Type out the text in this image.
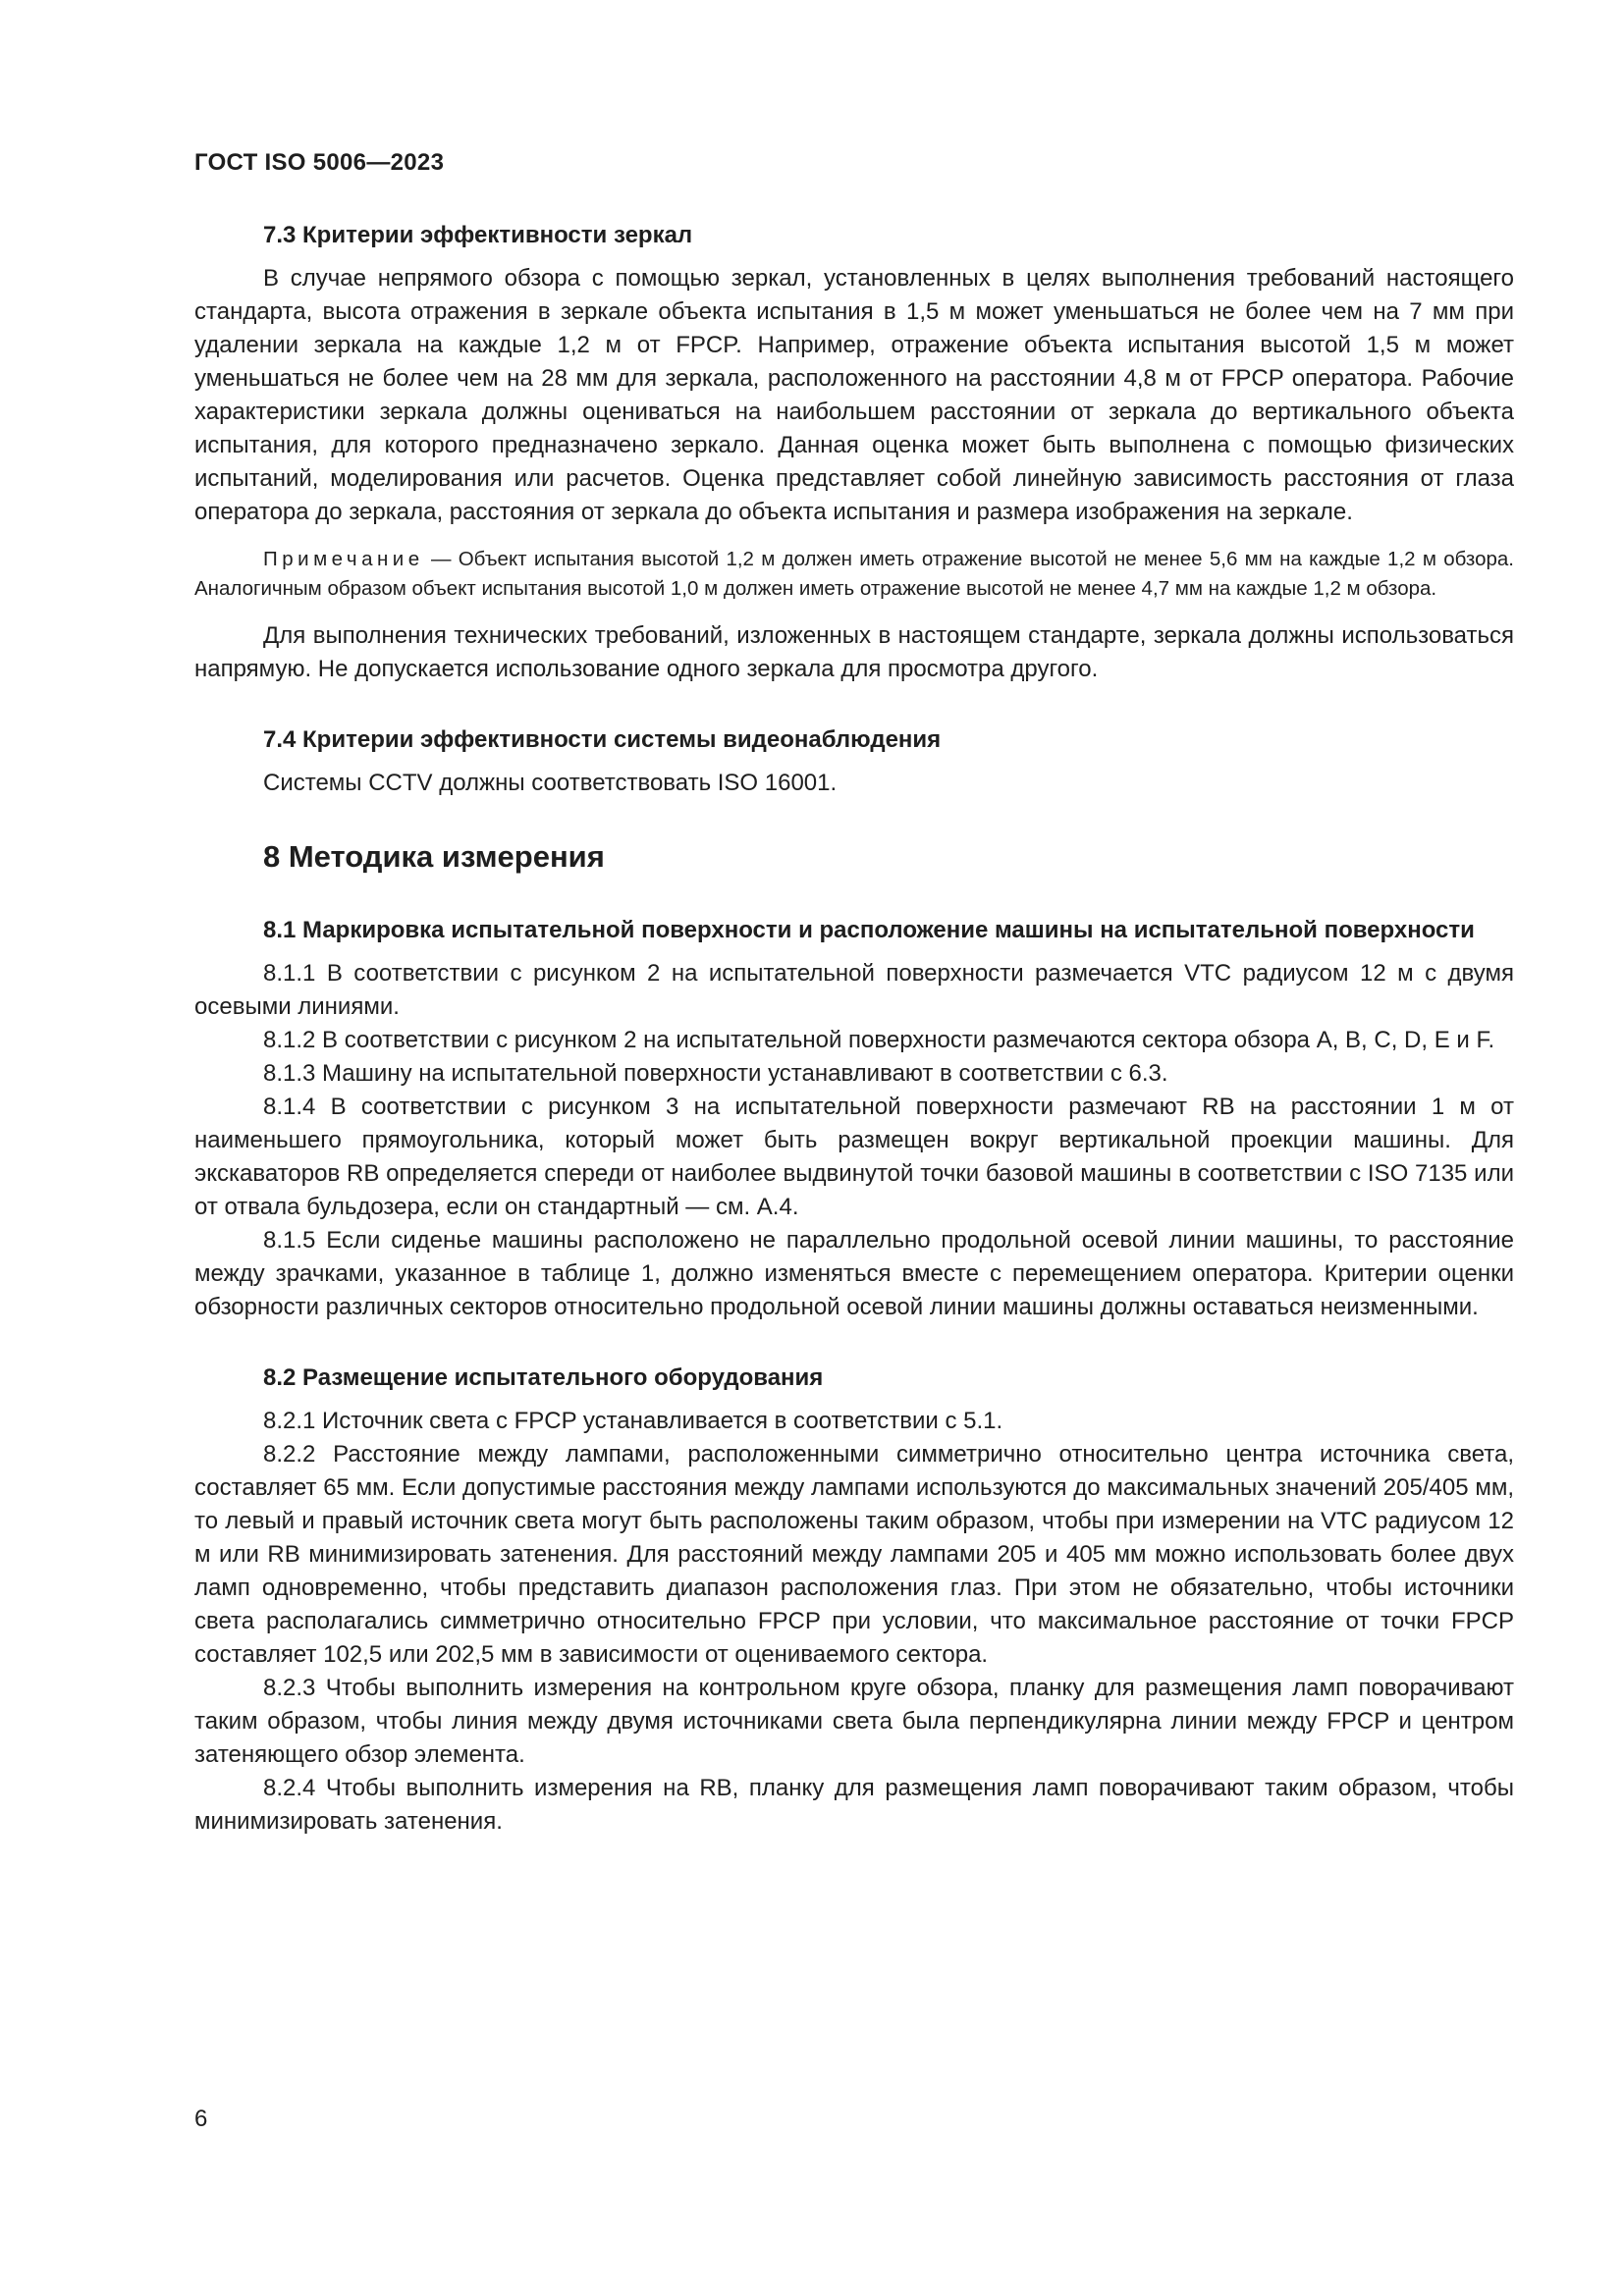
ГОСТ ISO 5006—2023
7.3 Критерии эффективности зеркал

В случае непрямого обзора с помощью зеркал, установленных в целях выполнения требований настоящего стандарта, высота отражения в зеркале объекта испытания в 1,5 м может уменьшаться не более чем на 7 мм при удалении зеркала на каждые 1,2 м от FPCP. Например, отражение объекта испытания высотой 1,5 м может уменьшаться не более чем на 28 мм для зеркала, расположенного на расстоянии 4,8 м от FPCP оператора. Рабочие характеристики зеркала должны оцениваться на наибольшем расстоянии от зеркала до вертикального объекта испытания, для которого предназначено зеркало. Данная оценка может быть выполнена с помощью физических испытаний, моделирования или расчетов. Оценка представляет собой линейную зависимость расстояния от глаза оператора до зеркала, расстояния от зеркала до объекта испытания и размера изображения на зеркале.

Примечание — Объект испытания высотой 1,2 м должен иметь отражение высотой не менее 5,6 мм на каждые 1,2 м обзора. Аналогичным образом объект испытания высотой 1,0 м должен иметь отражение высотой не менее 4,7 мм на каждые 1,2 м обзора.

Для выполнения технических требований, изложенных в настоящем стандарте, зеркала должны использоваться напрямую. Не допускается использование одного зеркала для просмотра другого.

7.4 Критерии эффективности системы видеонаблюдения

Системы CCTV должны соответствовать ISO 16001.

8 Методика измерения
8.1 Маркировка испытательной поверхности и расположение машины на испытательной поверхности

8.1.1 В соответствии с рисунком 2 на испытательной поверхности размечается VTC радиусом 12 м с двумя осевыми линиями.

8.1.2 В соответствии с рисунком 2 на испытательной поверхности размечаются сектора обзора А, В, С, D, Е и F.

8.1.3 Машину на испытательной поверхности устанавливают в соответствии с 6.3.

8.1.4 В соответствии с рисунком 3 на испытательной поверхности размечают RB на расстоянии 1 м от наименьшего прямоугольника, который может быть размещен вокруг вертикальной проекции машины. Для экскаваторов RB определяется спереди от наиболее выдвинутой точки базовой машины в соответствии с ISO 7135 или от отвала бульдозера, если он стандартный — см. А.4.

8.1.5 Если сиденье машины расположено не параллельно продольной осевой линии машины, то расстояние между зрачками, указанное в таблице 1, должно изменяться вместе с перемещением оператора. Критерии оценки обзорности различных секторов относительно продольной осевой линии машины должны оставаться неизменными.

8.2 Размещение испытательного оборудования

8.2.1 Источник света с FPCP устанавливается в соответствии с 5.1.

8.2.2 Расстояние между лампами, расположенными симметрично относительно центра источника света, составляет 65 мм. Если допустимые расстояния между лампами используются до максимальных значений 205/405 мм, то левый и правый источник света могут быть расположены таким образом, чтобы при измерении на VTC радиусом 12 м или RB минимизировать затенения. Для расстояний между лампами 205 и 405 мм можно использовать более двух ламп одновременно, чтобы представить диапазон расположения глаз. При этом не обязательно, чтобы источники света располагались симметрично относительно FPCP при условии, что максимальное расстояние от точки FPCP составляет 102,5 или 202,5 мм в зависимости от оцениваемого сектора.

8.2.3 Чтобы выполнить измерения на контрольном круге обзора, планку для размещения ламп поворачивают таким образом, чтобы линия между двумя источниками света была перпендикулярна линии между FPCP и центром затеняющего обзор элемента.

8.2.4 Чтобы выполнить измерения на RB, планку для размещения ламп поворачивают таким образом, чтобы минимизировать затенения.

6
